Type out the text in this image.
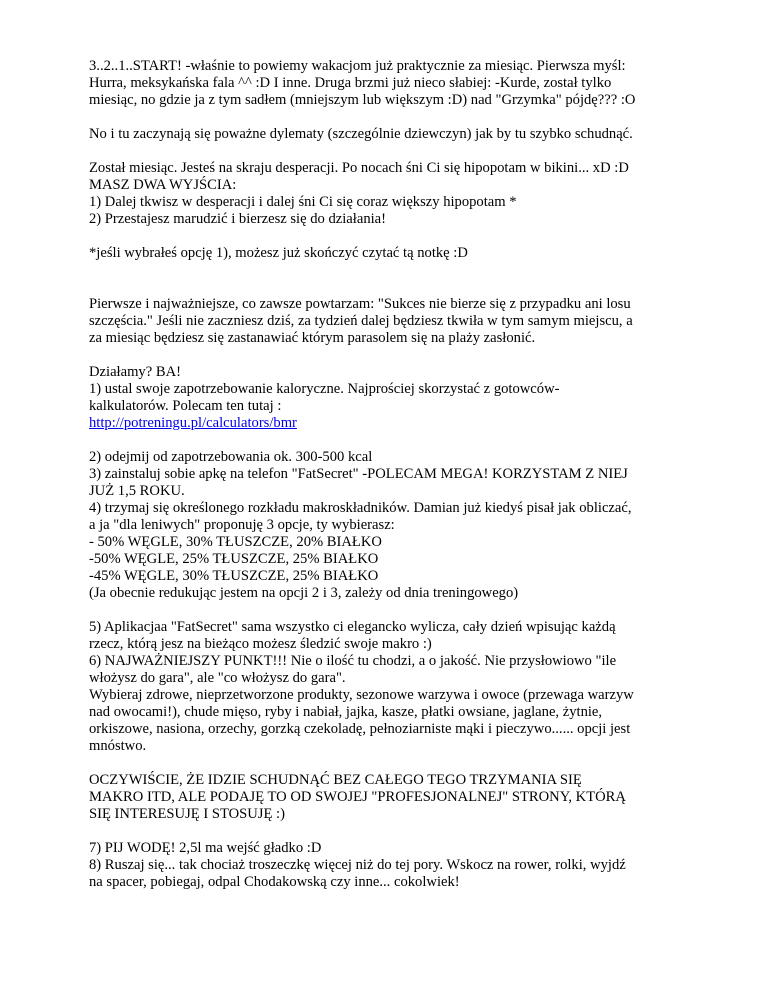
3..2..1..START! -właśnie to powiemy wakacjom już praktycznie za miesiąc. Pierwsza myśl:
Hurra, meksykańska fala ^^ :D I inne. Druga brzmi już nieco słabiej: -Kurde, został tylko
miesiąc, no gdzie ja z tym sadłem (mniejszym lub większym :D) nad "Grzymka" pójdę??? :O

No i tu zaczynają się poważne dylematy (szczególnie dziewczyn) jak by tu szybko schudnąć.

Został miesiąc. Jesteś na skraju desperacji. Po nocach śni Ci się hipopotam w bikini... xD :D
MASZ DWA WYJŚCIA:
1) Dalej tkwisz w desperacji i dalej śni Ci się coraz większy hipopotam *
2) Przestajesz marudzić i bierzesz się do działania!

*jeśli wybrałeś opcję 1), możesz już skończyć czytać tą notkę :D

Pierwsze i najważniejsze, co zawsze powtarzam: "Sukces nie bierze się z przypadku ani losu
szczęścia." Jeśli nie zaczniesz dziś, za tydzień dalej będziesz tkwiła w tym samym miejscu, a
za miesiąc będziesz się zastanawiać którym parasolem się na plaży zasłonić.

Działamy? BA!
1) ustal swoje zapotrzebowanie kaloryczne. Najprościej skorzystać z gotowców-
kalkulatorów. Polecam ten tutaj :
http://potreningu.pl/calculators/bmr

2) odejmij od zapotrzebowania ok. 300-500 kcal
3) zainstaluj sobie apkę na telefon "FatSecret" -POLECAM MEGA! KORZYSTAM Z NIEJ
JUŻ 1,5 ROKU.
4) trzymaj się określonego rozkładu makroskładników. Damian już kiedyś pisał jak obliczać,
a ja "dla leniwych" proponuję 3 opcje, ty wybierasz:
- 50% WĘGLE, 30% TŁUSZCZE, 20% BIAŁKO
-50% WĘGLE, 25% TŁUSZCZE, 25% BIAŁKO
-45% WĘGLE, 30% TŁUSZCZE, 25% BIAŁKO
(Ja obecnie redukując jestem na opcji 2 i 3, zależy od dnia treningowego)

5) Aplikacjaa "FatSecret" sama wszystko ci elegancko wylicza, cały dzień wpisując każdą
rzecz, którą jesz na bieżąco możesz śledzić swoje makro :)
6) NAJWAŻNIEJSZY PUNKT!!! Nie o ilość tu chodzi, a o jakość. Nie przysłowiowo "ile
włożysz do gara", ale "co włożysz do gara".
Wybieraj zdrowe, nieprzetworzone produkty, sezonowe warzywa i owoce (przewaga warzyw
nad owocami!), chude mięso, ryby i nabiał, jajka, kasze, płatki owsiane, jaglane, żytnie,
orkiszowe, nasiona, orzechy, gorzką czekoladę, pełnoziarniste mąki i pieczywo...... opcji jest
mnóstwo.

OCZYWIŚCIE, ŻE IDZIE SCHUDNĄĆ BEZ CAŁEGO TEGO TRZYMANIA SIĘ
MAKRO ITD, ALE PODAJĘ TO OD SWOJEJ "PROFESJONALNEJ" STRONY, KTÓRĄ
SIĘ INTERESUJĘ I STOSUJĘ :)

7) PIJ WODĘ! 2,5l ma wejść gładko :D
8) Ruszaj się... tak chociaż troszeczkę więcej niż do tej pory. Wskocz na rower, rolki, wyjdź
na spacer, pobiegaj, odpal Chodakowską czy inne... cokolwiek!
